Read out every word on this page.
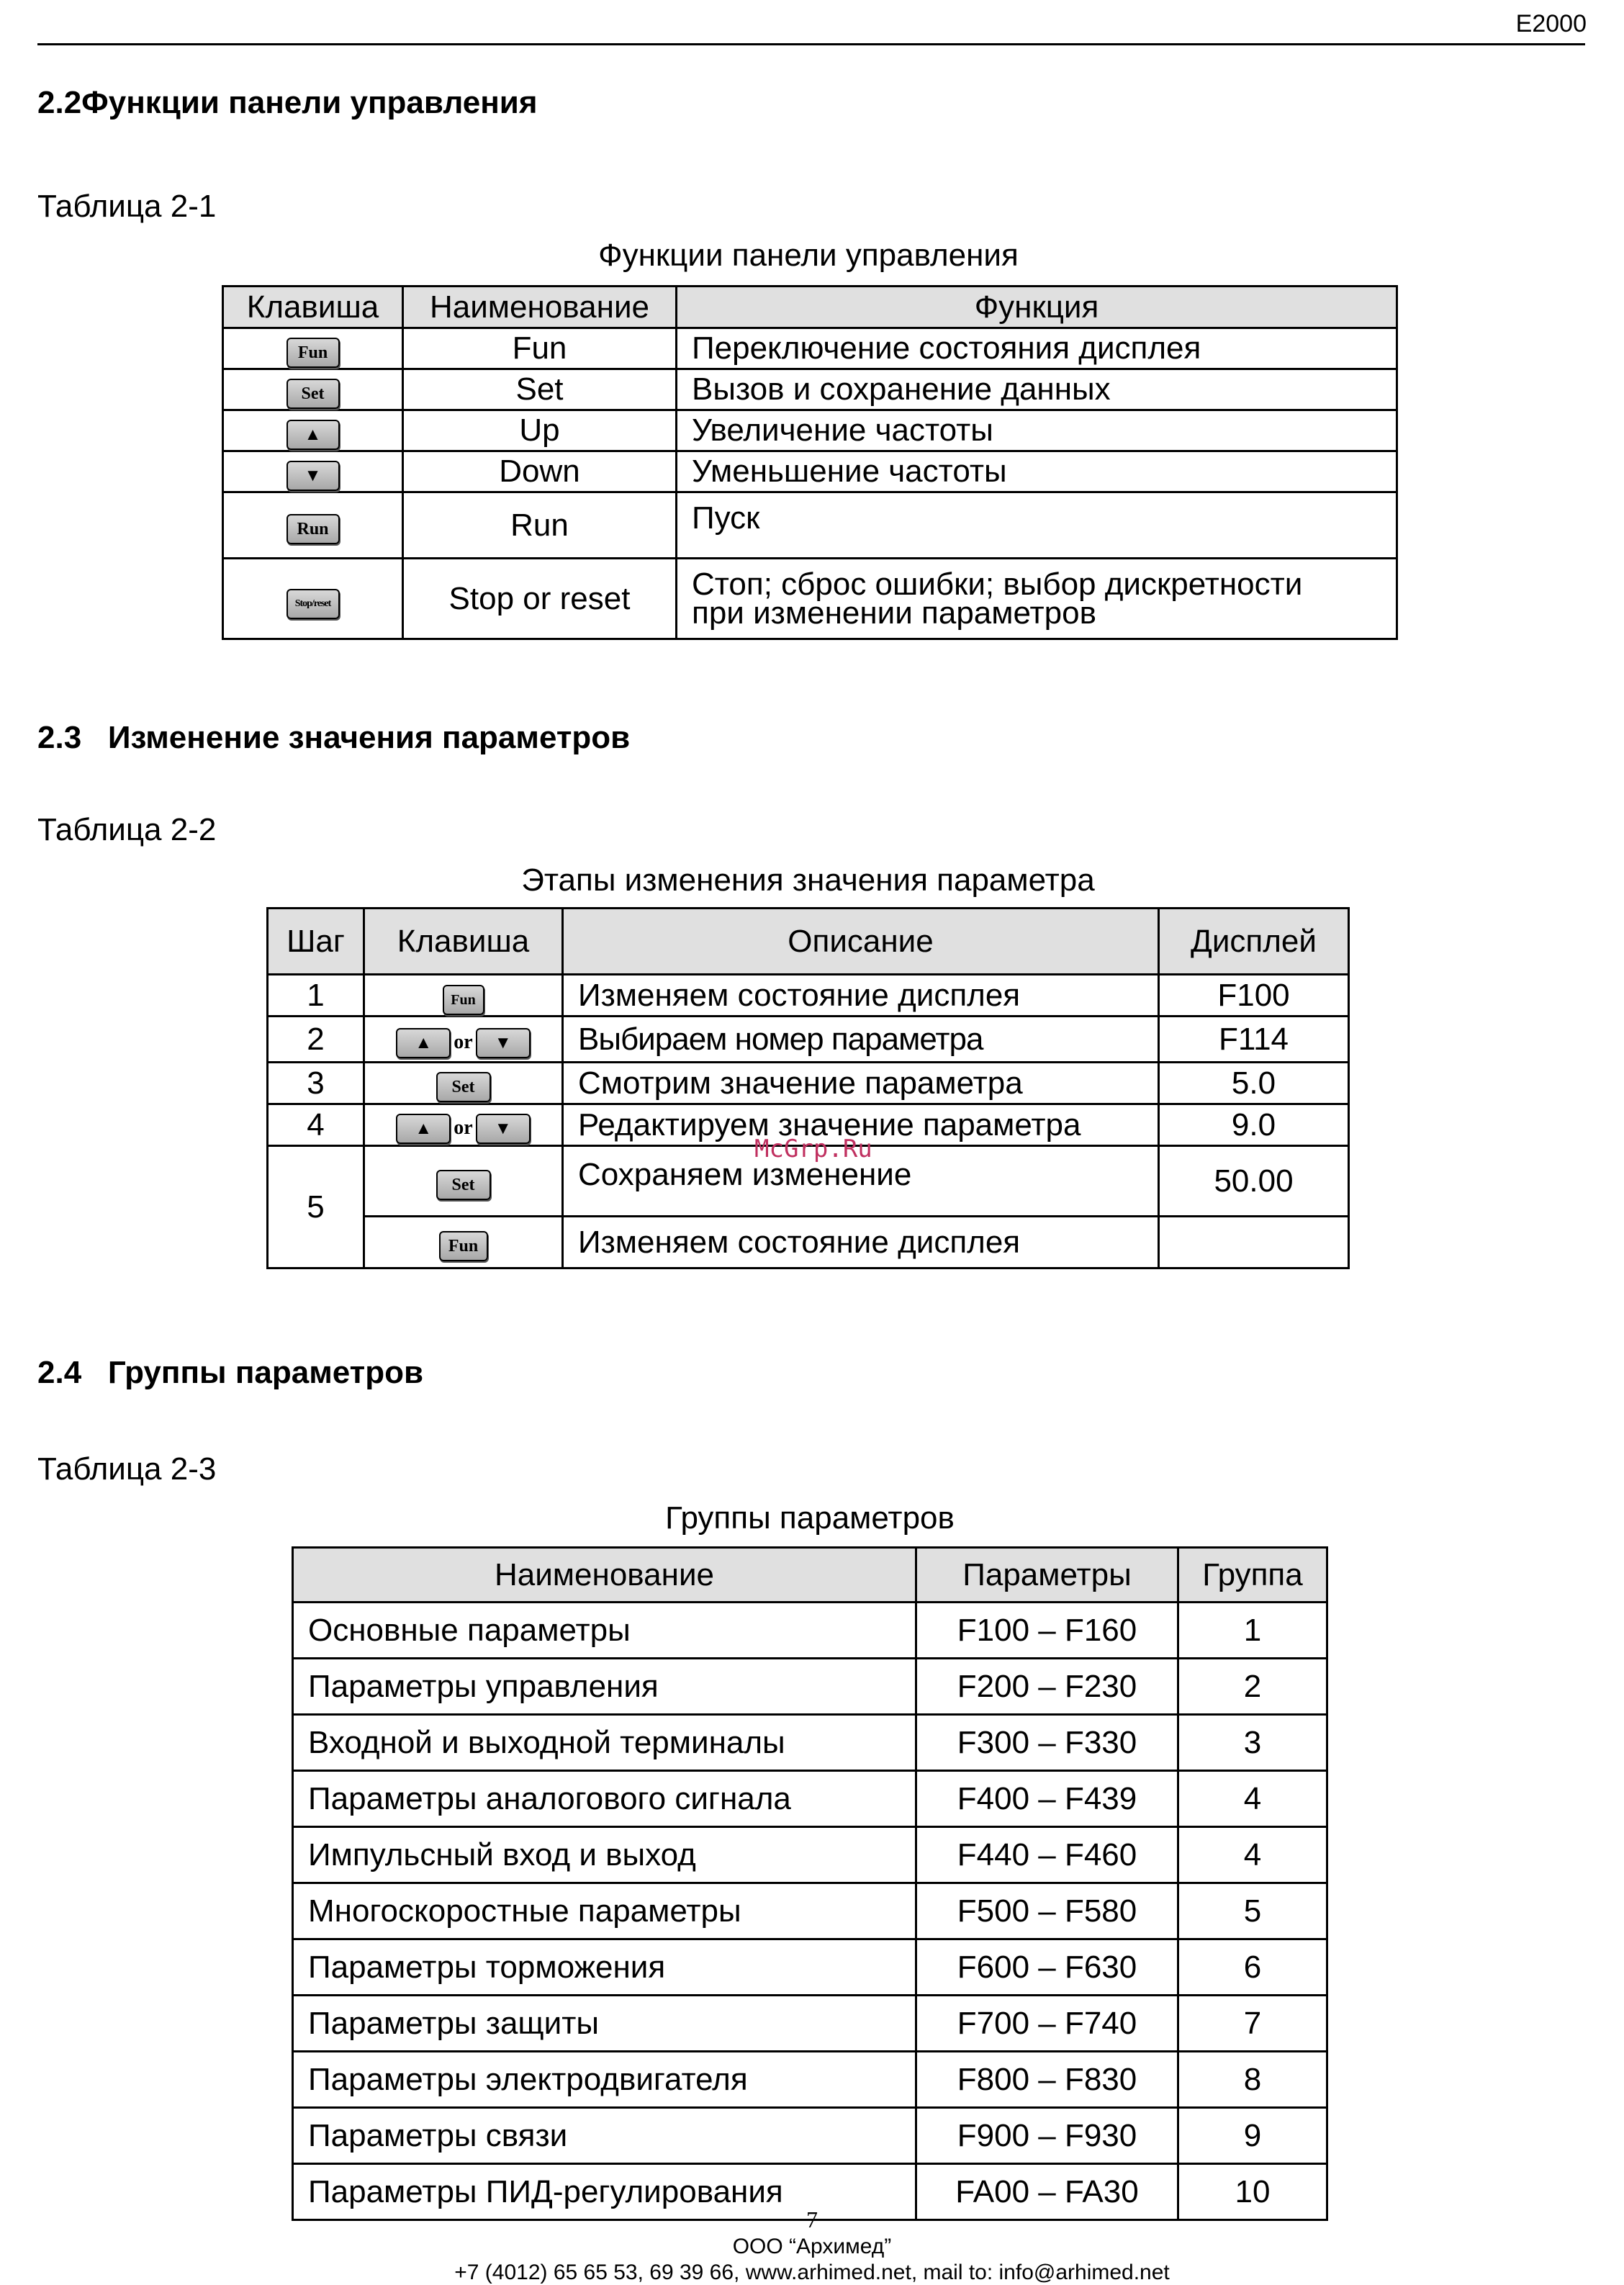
E2000
2.2Функции панели управления
Таблица 2-1
Функции панели управления
Клавиша	Наименование	Функция
Fun	Fun	Переключение состояния дисплея
Set	Set	Вызов и сохранение данных
▲	Up	Увеличение частоты
▼	Down	Уменьшение частоты
Run	Run	Пуск
Stop/reset	Stop or reset	Стоп; сброс ошибки; выбор дискретности
при изменении параметров
2.3 Изменение значения параметров
Таблица 2-2
Этапы изменения значения параметра
Шаг	Клавиша	Описание	Дисплей
1	Fun	Изменяем состояние дисплея	F100
2	▲ or ▼	Выбираем номер параметра	F114
3	Set	Смотрим значение параметра	5.0
4	▲ or ▼	Редактируем значение параметра	9.0
5	Set	Сохраняем изменение	50.00
	Fun	Изменяем состояние дисплея	
McGrp.Ru
2.4 Группы параметров
Таблица 2-3
Группы параметров
Наименование	Параметры	Группа
Основные параметры	F100 – F160	1
Параметры управления	F200 – F230	2
Входной и выходной терминалы	F300 – F330	3
Параметры аналогового сигнала	F400 – F439	4
Импульсный вход и выход	F440 – F460	4
Многоскоростные параметры	F500 – F580	5
Параметры торможения	F600 – F630	6
Параметры защиты	F700 – F740	7
Параметры электродвигателя	F800 – F830	8
Параметры связи	F900 – F930	9
Параметры ПИД-регулирования	FA00 – FA30	10
7
ООО “Архимед”
+7 (4012) 65 65 53, 69 39 66, www.arhimed.net, mail to: info@arhimed.net
